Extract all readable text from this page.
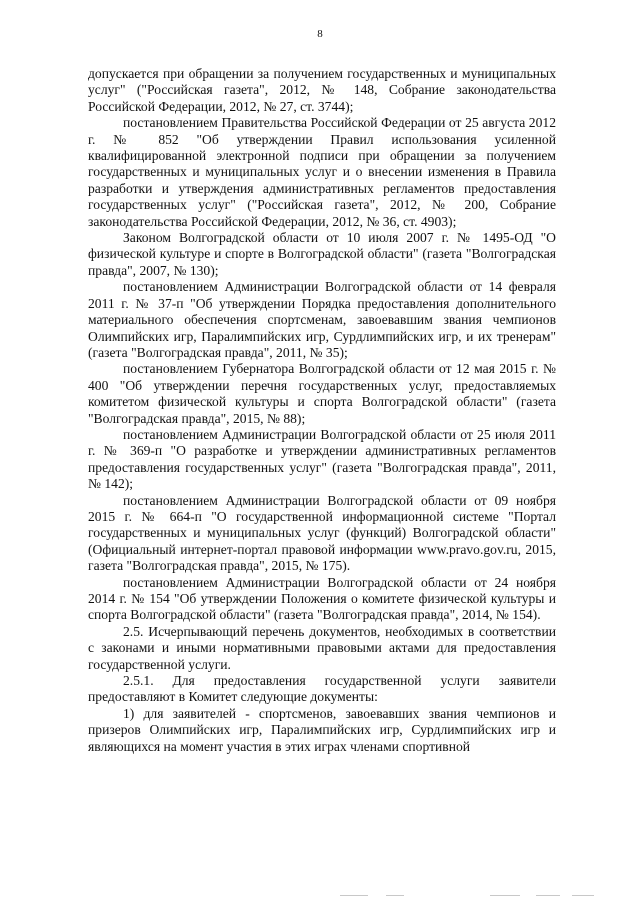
8

допускается при обращении за получением государственных и муниципальных услуг" ("Российская газета", 2012, № 148, Собрание законодательства Российской Федерации, 2012, № 27, ст. 3744);

постановлением Правительства Российской Федерации от 25 августа 2012 г. № 852 "Об утверждении Правил использования усиленной квалифицированной электронной подписи при обращении за получением государственных и муниципальных услуг и о внесении изменения в Правила разработки и утверждения административных регламентов предоставления государственных услуг" ("Российская газета", 2012, № 200, Собрание законодательства Российской Федерации, 2012, № 36, ст. 4903);

Законом Волгоградской области от 10 июля 2007 г. № 1495-ОД "О физической культуре и спорте в Волгоградской области" (газета "Волгоградская правда", 2007, № 130);

постановлением Администрации Волгоградской области от 14 февраля 2011 г. № 37-п "Об утверждении Порядка предоставления дополнительного материального обеспечения спортсменам, завоевавшим звания чемпионов Олимпийских игр, Паралимпийских игр, Сурдлимпийских игр, и их тренерам" (газета "Волгоградская правда", 2011, № 35);

постановлением Губернатора Волгоградской области от 12 мая 2015 г. № 400 "Об утверждении перечня государственных услуг, предоставляемых комитетом физической культуры и спорта Волгоградской области" (газета "Волгоградская правда", 2015, № 88);

постановлением Администрации Волгоградской области от 25 июля 2011 г. № 369-п "О разработке и утверждении административных регламентов предоставления государственных услуг" (газета "Волгоградская правда", 2011, № 142);

постановлением Администрации Волгоградской области от 09 ноября 2015 г. № 664-п "О государственной информационной системе "Портал государственных и муниципальных услуг (функций) Волгоградской области" (Официальный интернет-портал правовой информации www.pravo.gov.ru, 2015, газета "Волгоградская правда", 2015, № 175).

постановлением Администрации Волгоградской области от 24 ноября 2014 г. № 154 "Об утверждении Положения о комитете физической культуры и спорта Волгоградской области" (газета "Волгоградская правда", 2014, № 154).

2.5. Исчерпывающий перечень документов, необходимых в соответствии с законами и иными нормативными правовыми актами для предоставления государственной услуги.

2.5.1. Для предоставления государственной услуги заявители предоставляют в Комитет следующие документы:

1) для заявителей - спортсменов, завоевавших звания чемпионов и призеров Олимпийских игр, Паралимпийских игр, Сурдлимпийских игр и являющихся на момент участия в этих играх членами спортивной
